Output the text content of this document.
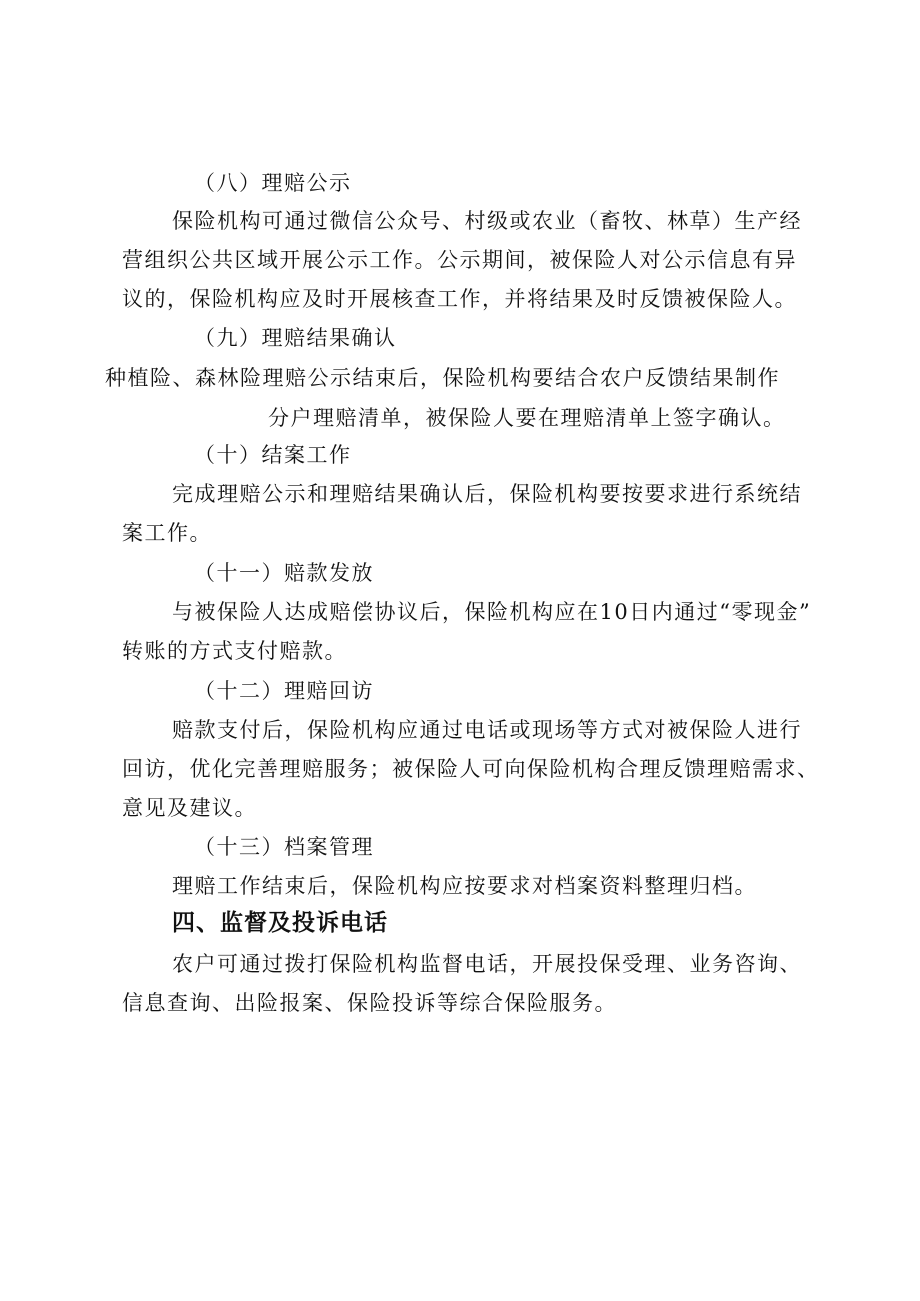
（八）理赔公示

保险机构可通过微信公众号、村级或农业（畜牧、林草）生产经

营组织公共区域开展公示工作。公示期间，被保险人对公示信息有异

议的，保险机构应及时开展核查工作，并将结果及时反馈被保险人。

（九）理赔结果确认

种植险、森林险理赔公示结束后，保险机构要结合农户反馈结果制作

分户理赔清单，被保险人要在理赔清单上签字确认。

（十）结案工作

完成理赔公示和理赔结果确认后，保险机构要按要求进行系统结

案工作。

（十一）赔款发放

与被保险人达成赔偿协议后，保险机构应在10日内通过“零现金”

转账的方式支付赔款。

（十二）理赔回访

赔款支付后，保险机构应通过电话或现场等方式对被保险人进行

回访，优化完善理赔服务；被保险人可向保险机构合理反馈理赔需求、

意见及建议。

（十三）档案管理

理赔工作结束后，保险机构应按要求对档案资料整理归档。

四、监督及投诉电话

农户可通过拨打保险机构监督电话，开展投保受理、业务咨询、

信息查询、出险报案、保险投诉等综合保险服务。
